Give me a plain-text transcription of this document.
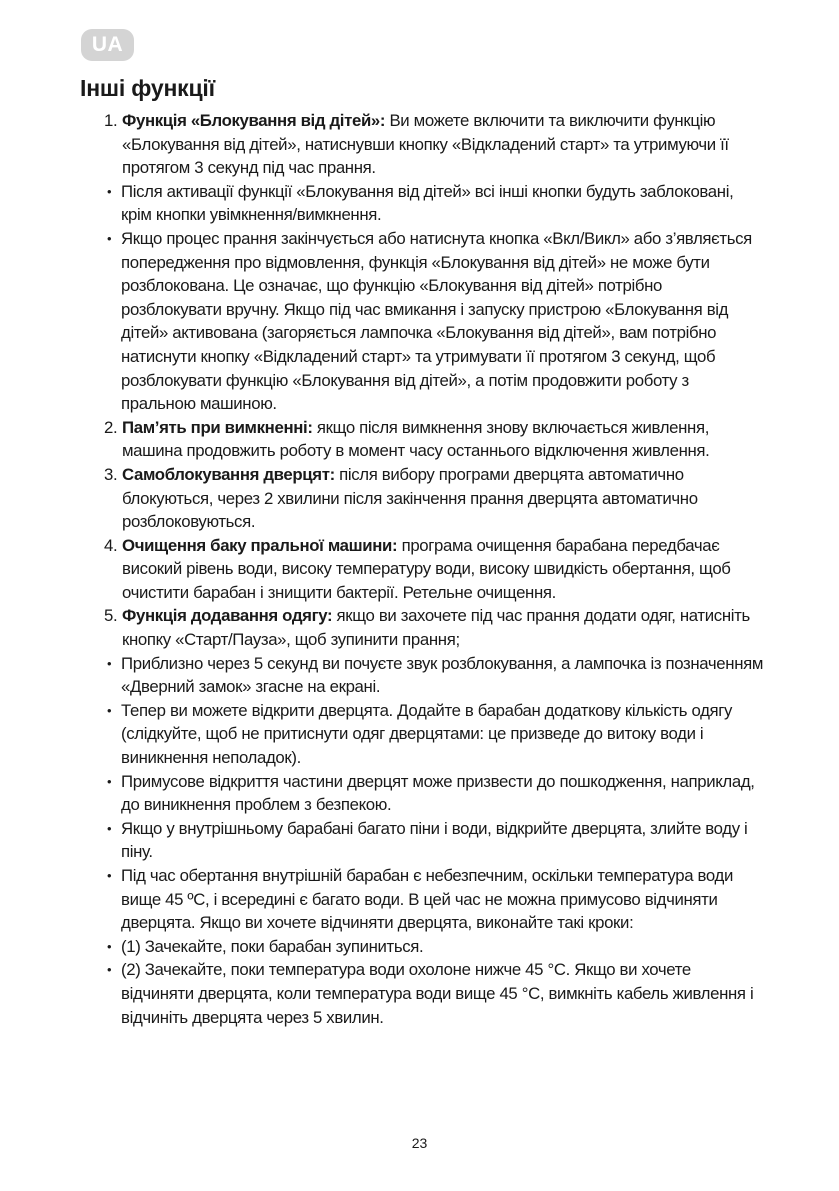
UA
Інші функції

1. Функція «Блокування від дітей»: Ви можете включити та виключити функцію «Блокування від дітей», натиснувши кнопку «Відкладений старт» та утримуючи її протягом 3 секунд під час прання.

• Після активації функції «Блокування від дітей» всі інші кнопки будуть заблоковані, крім кнопки увімкнення/вимкнення.

• Якщо процес прання закінчується або натиснута кнопка «Вкл/Викл» або з’являється попередження про відмовлення, функція «Блокування від дітей» не може бути розблокована. Це означає, що функцію «Блокування від дітей» потрібно розблокувати вручну. Якщо під час вмикання і запуску пристрою «Блокування від дітей» активована (загоряється лампочка «Блокування від дітей», вам потрібно натиснути кнопку «Відкладений старт» та утримувати її протягом 3 секунд, щоб розблокувати функцію «Блокування від дітей», а потім продовжити роботу з пральною машиною.

2. Пам’ять при вимкненні: якщо після вимкнення знову включається живлення, машина продовжить роботу в момент часу останнього відключення живлення.

3. Самоблокування дверцят: після вибору програми дверцята автоматично блокуються, через 2 хвилини після закінчення прання дверцята автоматично розблоковуються.

4. Очищення баку пральної машини: програма очищення барабана передбачає високий рівень води, високу температуру води, високу швидкість обертання, щоб очистити барабан і знищити бактерії. Ретельне очищення.

5. Функція додавання одягу: якщо ви захочете під час прання додати одяг, натисніть кнопку «Старт/Пауза», щоб зупинити прання;

• Приблизно через 5 секунд ви почуєте звук розблокування, а лампочка із позначенням «Дверний замок» згасне на екрані.

• Тепер ви можете відкрити дверцята. Додайте в барабан додаткову кількість одягу (слідкуйте, щоб не притиснути одяг дверцятами: це призведе до витоку води і виникнення неполадок).

• Примусове відкриття частини дверцят може призвести до пошкодження, наприклад, до виникнення проблем з безпекою.

• Якщо у внутрішньому барабані багато піни і води, відкрийте дверцята, злийте воду і піну.

• Під час обертання внутрішній барабан є небезпечним, оскільки температура води вище 45 ºC, і всередині є багато води. В цей час не можна примусово відчиняти дверцята. Якщо ви хочете відчиняти дверцята, виконайте такі кроки:

• (1) Зачекайте, поки барабан зупиниться.

• (2) Зачекайте, поки температура води охолоне нижче 45 °C. Якщо ви хочете відчиняти дверцята, коли температура води вище 45 °C, вимкніть кабель живлення і відчиніть дверцята через 5 хвилин.

23
